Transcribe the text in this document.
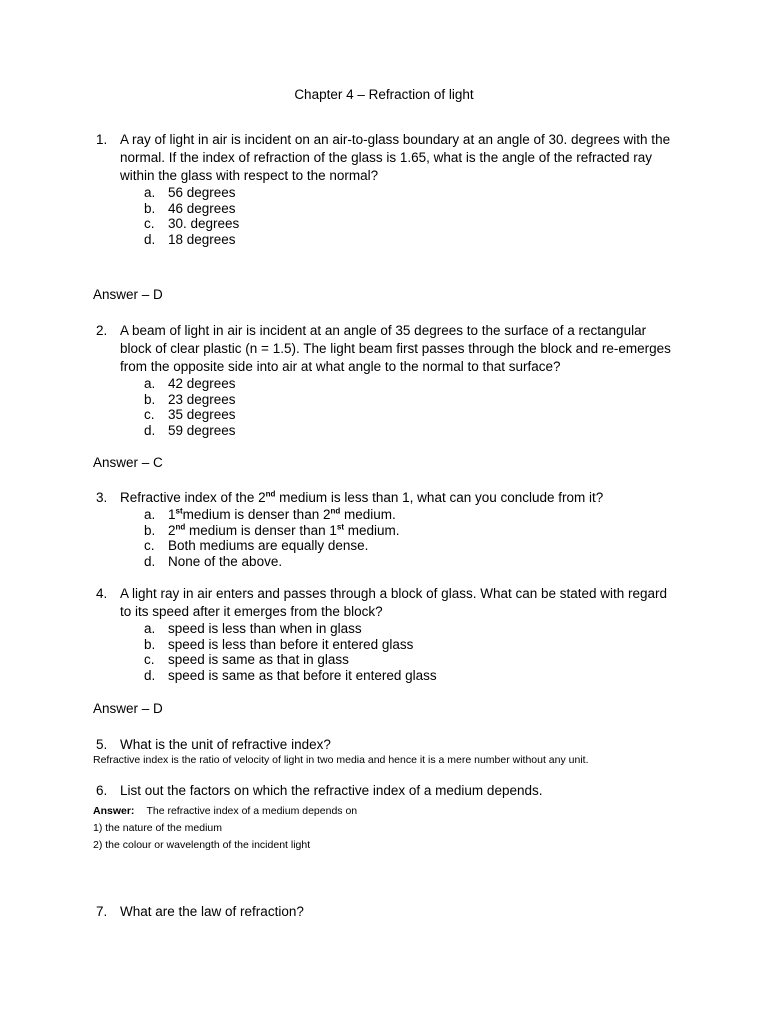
Chapter 4 – Refraction of light
1. A ray of light in air is incident on an air-to-glass boundary at an angle of 30. degrees with the normal. If the index of refraction of the glass is 1.65, what is the angle of the refracted ray within the glass with respect to the normal?
a. 56 degrees
b. 46 degrees
c. 30. degrees
d. 18 degrees
Answer – D
2. A beam of light in air is incident at an angle of 35 degrees to the surface of a rectangular block of clear plastic (n = 1.5). The light beam first passes through the block and re-emerges from the opposite side into air at what angle to the normal to that surface?
a. 42 degrees
b. 23 degrees
c. 35 degrees
d. 59 degrees
Answer – C
3. Refractive index of the 2nd medium is less than 1, what can you conclude from it?
a. 1stmedium is denser than 2nd medium.
b. 2nd medium is denser than 1st medium.
c. Both mediums are equally dense.
d. None of the above.
4. A light ray in air enters and passes through a block of glass. What can be stated with regard to its speed after it emerges from the block?
a. speed is less than when in glass
b. speed is less than before it entered glass
c. speed is same as that in glass
d. speed is same as that before it entered glass
Answer – D
5. What is the unit of refractive index?
Refractive index is the ratio of velocity of light in two media and hence it is a mere number without any unit.
6. List out the factors on which the refractive index of a medium depends.
Answer: The refractive index of a medium depends on
1) the nature of the medium
2) the colour or wavelength of the incident light
7. What are the law of refraction?
